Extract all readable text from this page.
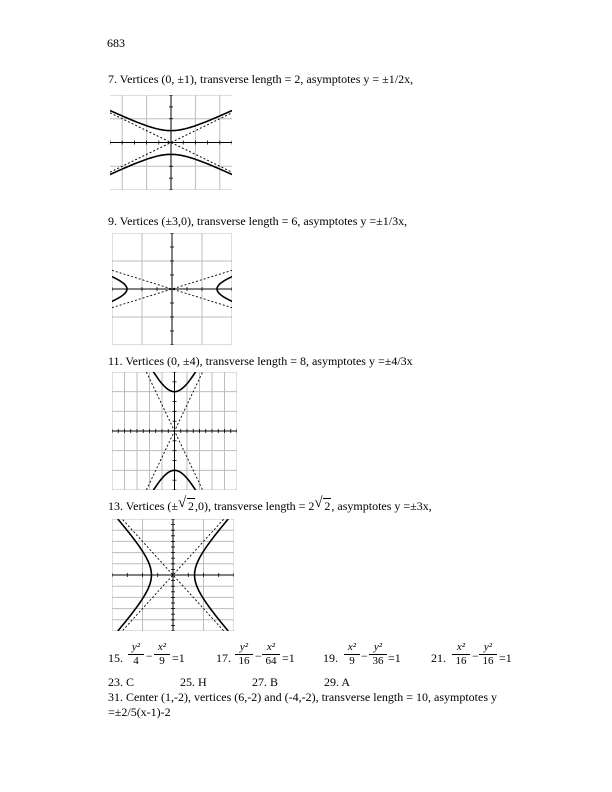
683
7. Vertices (0, ±1), transverse length = 2, asymptotes y = ±1/2x,
9. Vertices (±3,0), transverse length = 6, asymptotes y =±1/3x,
11. Vertices (0, ±4), transverse length = 8, asymptotes y =±4/3x
13. Vertices (± √ 2,0), transverse length = 2 √ 2, asymptotes y =±3x,
15. $\frac{\text{y²}}{4} - \frac{\text{x²}}{9} =1$	17. $\frac{\text{y²}}{16} - \frac{\text{x²}}{64} =1$ 19. $\frac{\text{x²}}{9} - \frac{\text{y²}}{36} =1$	21. $\frac{\text{x²}}{16} - \frac{\text{y²}}{16} =1$
23. C	25. H	27. B	29. A
31. Center (1,-2), vertices (6,-2) and (-4,-2), transverse length = 10, asymptotes y
=±2/5(x-1)-2
